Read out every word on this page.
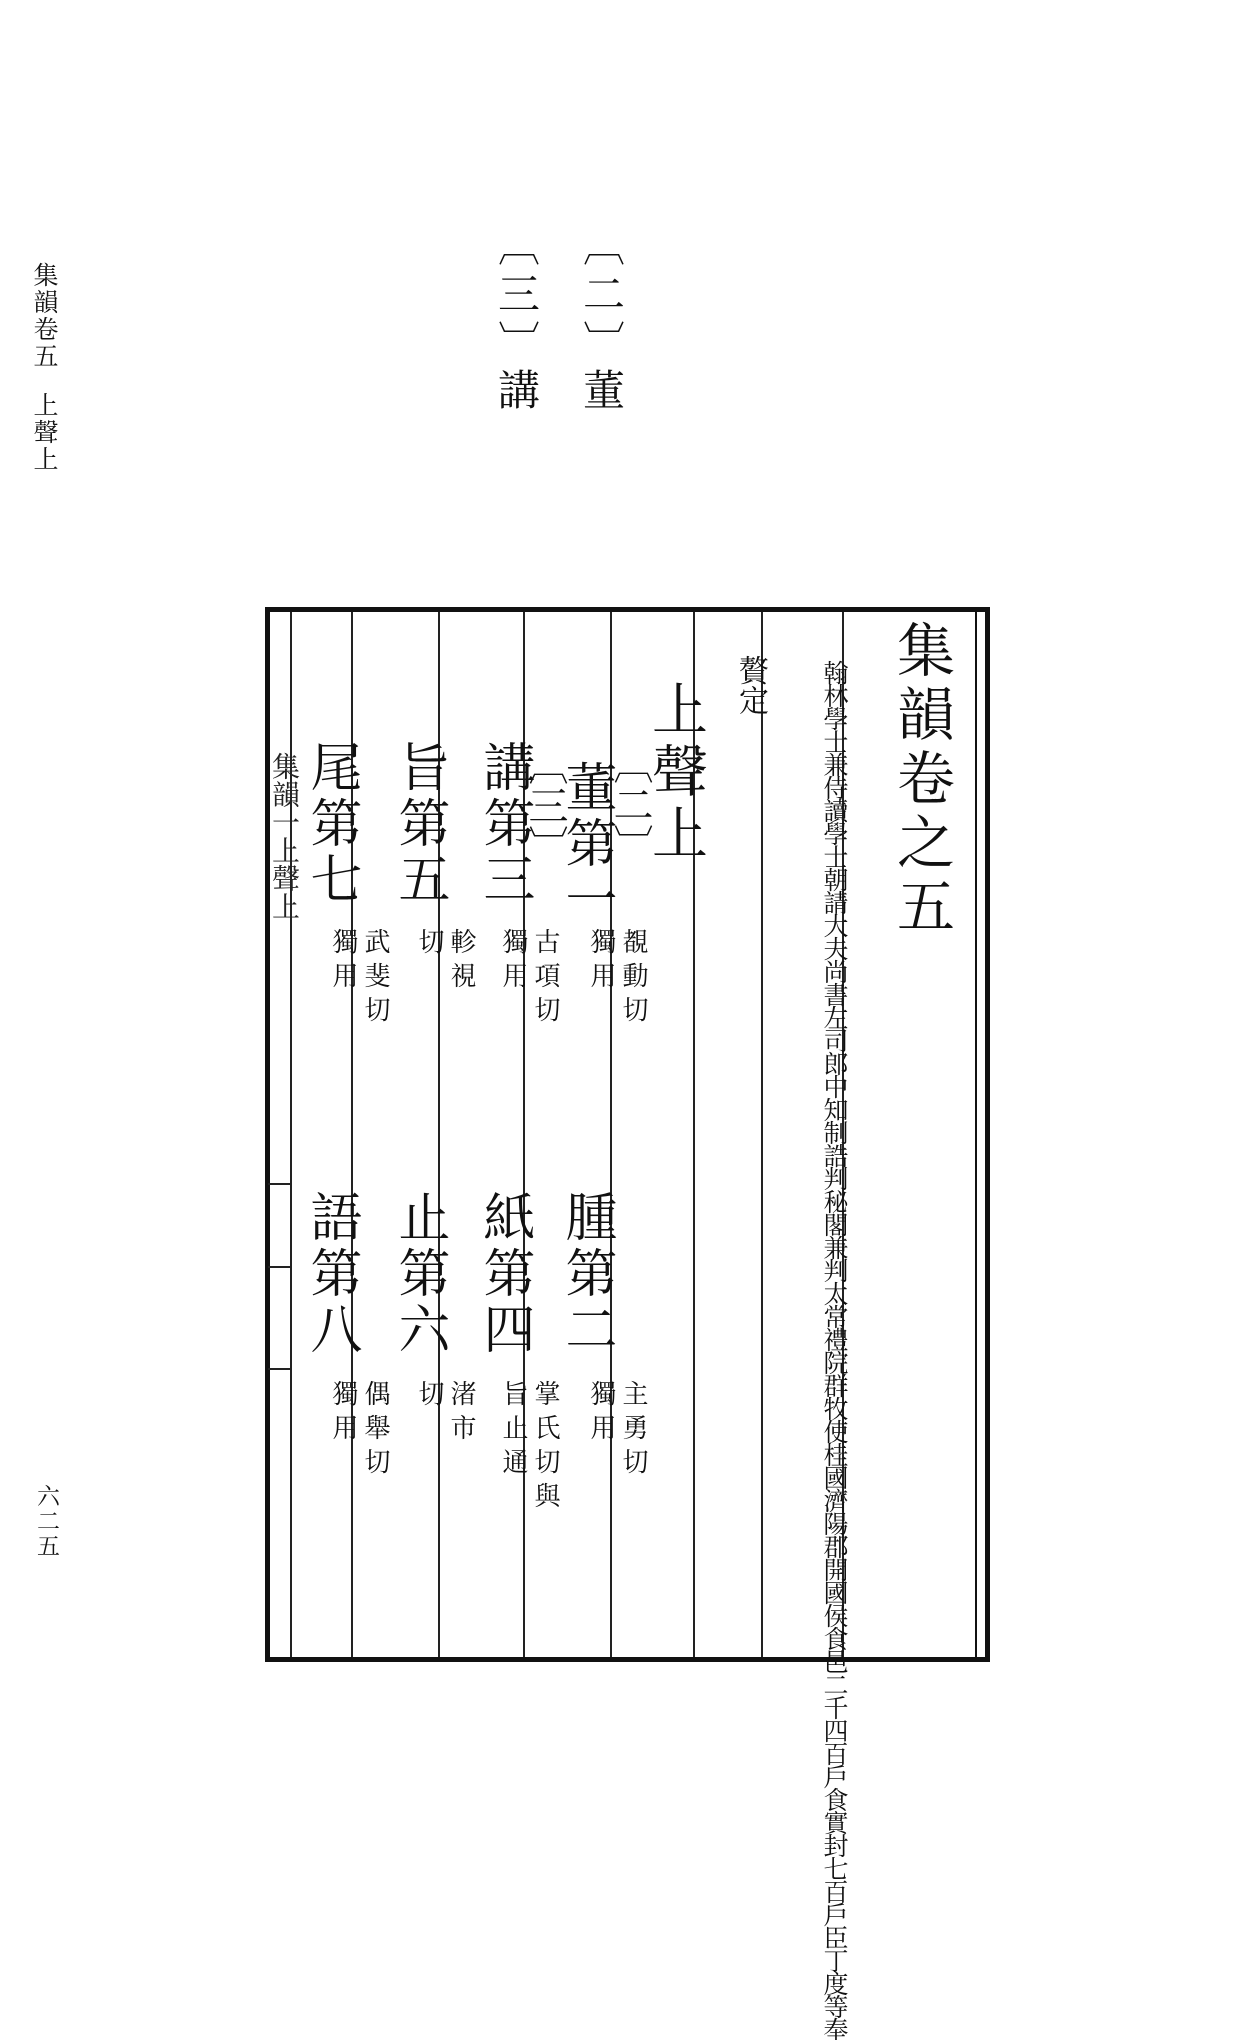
集韻卷五上聲上
六二五
〔二〕董
〔三〕講
集韻卷之五
翰林學士兼侍讀學士朝請大夫尚書左司郎中知制誥判秘閣兼判太常禮院群牧使桂國濟陽郡開國侯食邑二千四百戶食實封七百戶臣丁度等奉
贅定
上聲上
〔二〕
〔三〕
集韻一上聲上	董第一
講第三
旨第五
尾第七
覩動切
獨用
古項切
獨用
軫視
切
武斐切
獨用
腫第二
紙第四
止第六
語第八
主勇切
獨用
掌氏切與
旨止通
渚市
切
偶舉切
獨用
